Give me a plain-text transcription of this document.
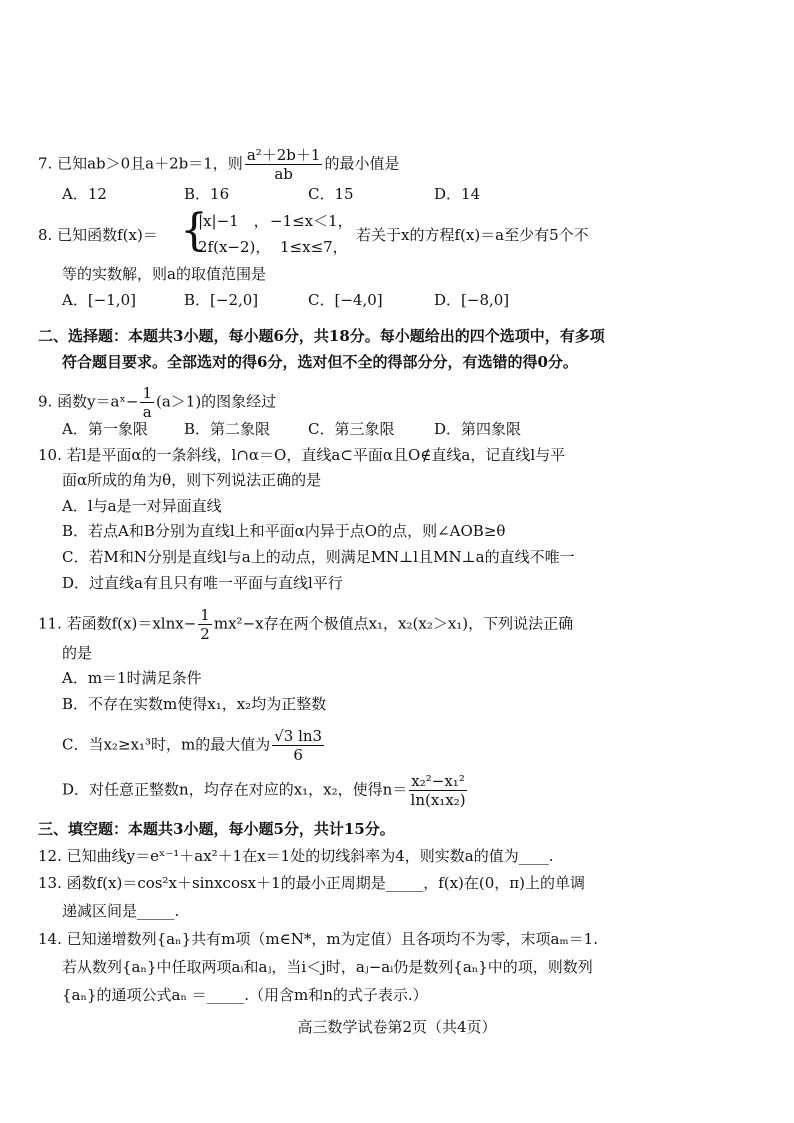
7. 已知ab＞0且a＋2b＝1，则 $\frac{\text{a²＋2b＋1}}{ab}$ 的最小值是
A．12	B．16	C．15	D．14
8. 已知函数f(x)＝ {
|x|−1　， −1≤x＜1，
2f(x−2)， 1≤x≤7，
若关于x的方程f(x)＝a至少有5个不
等的实数解，则a的取值范围是
A．[−1,0]	B．[−2,0]	C．[−4,0]	D．[−8,0]
二、选择题：本题共3小题，每小题6分，共18分。每小题给出的四个选项中，有多项
符合题目要求。全部选对的得6分，选对但不全的得部分分，有选错的得0分。
9. 函数y＝aˣ− $\frac{1}{a} (a>1)$的图象经过
A．第一象限 B．第二象限	C．第三象限	D．第四象限
10. 若l是平面α的一条斜线，l∩α＝O，直线a⊂平面α且O∉直线a，记直线l与平
面α所成的角为θ，则下列说法正确的是
A．l与a是一对异面直线
B．若点A和B分别为直线l上和平面α内异于点O的点，则∠AOB≥θ
C．若M和N分别是直线l与a上的动点，则满足MN⊥l且MN⊥a的直线不唯一
D．过直线a有且只有唯一平面与直线l平行
11. 若函数$f(x)=xlnx- \frac{1}{2} mx^2-x$存在两个极值点x₁，x₂(x₂＞x₁)，下列说法正确
的是
A．m＝1时满足条件
B．不存在实数m使得x₁，x₂均为正整数
C．当x₂≥x₁³时，m的最大值为 $\frac{√3 \ln 3}{6}$
D．对任意正整数n，均存在对应的x₁，x₂，使得$n= \frac{\text{x₂²−x₁²}}{\text{ln(x₁x₂)}}$
三、填空题：本题共3小题，每小题5分，共计15分。
12. 已知曲线y＝eˣ⁻¹＋ax²＋1在x＝1处的切线斜率为4，则实数a的值为____.
13. 函数f(x)＝cos²x＋sinxcosx＋1的最小正周期是_____，f(x)在(0，π)上的单调
递减区间是_____.
14. 已知递增数列{aₙ}共有m项（m∈N*，m为定值）且各项均不为零，末项aₘ＝1.
若从数列{aₙ}中任取两项aᵢ和aⱼ，当i＜j时，aⱼ−aᵢ仍是数列{aₙ}中的项，则数列
{aₙ}的通项公式aₙ ＝_____.（用含m和n的式子表示.）
高三数学试卷第2页（共4页）
